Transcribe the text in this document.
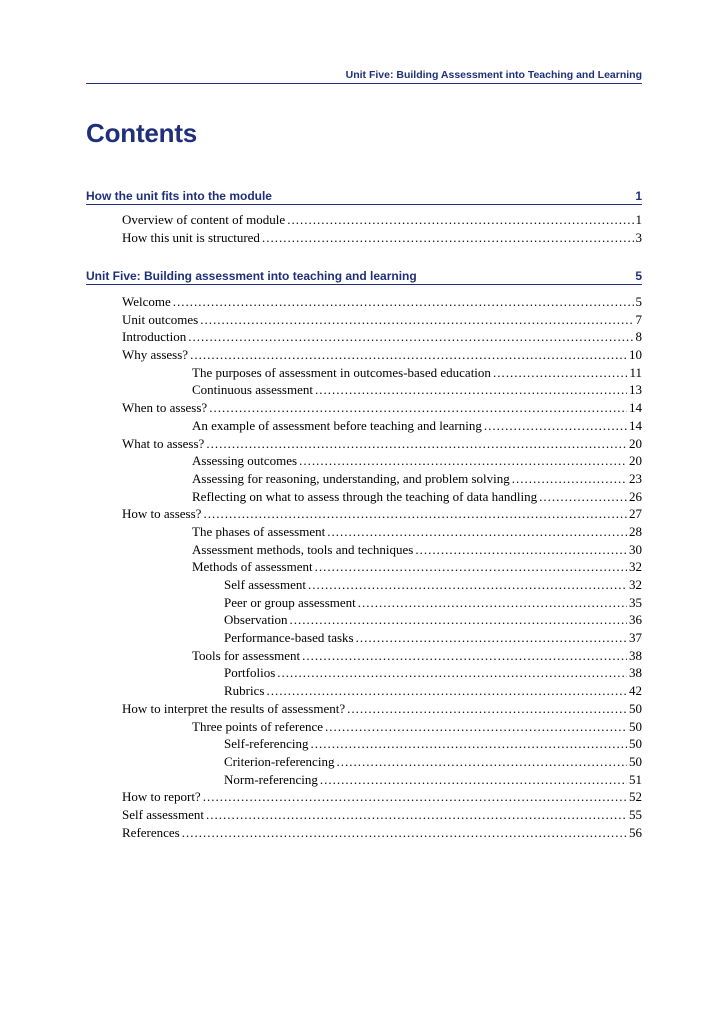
Unit Five: Building Assessment into Teaching and Learning
Contents
How the unit fits into the module	1
Overview of content of module .....	1
How this unit is structured .....	3
Unit Five: Building assessment into teaching and learning	5
Welcome .....	5
Unit outcomes .....	7
Introduction .....	8
Why assess? .....	10
The purposes of assessment in outcomes-based education .....	11
Continuous assessment .....	13
When to assess? .....	14
An example of assessment before teaching and learning .....	14
What to assess? .....	20
Assessing outcomes .....	20
Assessing for reasoning, understanding, and problem solving .....	23
Reflecting on what to assess through the teaching of data handling .....	26
How to assess? .....	27
The phases of assessment .....	28
Assessment methods, tools and techniques .....	30
Methods of assessment .....	32
Self assessment .....	32
Peer or group assessment .....	35
Observation .....	36
Performance-based tasks .....	37
Tools for assessment .....	38
Portfolios .....	38
Rubrics .....	42
How to interpret the results of assessment? .....	50
Three points of reference .....	50
Self-referencing .....	50
Criterion-referencing .....	50
Norm-referencing .....	51
How to report? .....	52
Self assessment .....	55
References .....	56
